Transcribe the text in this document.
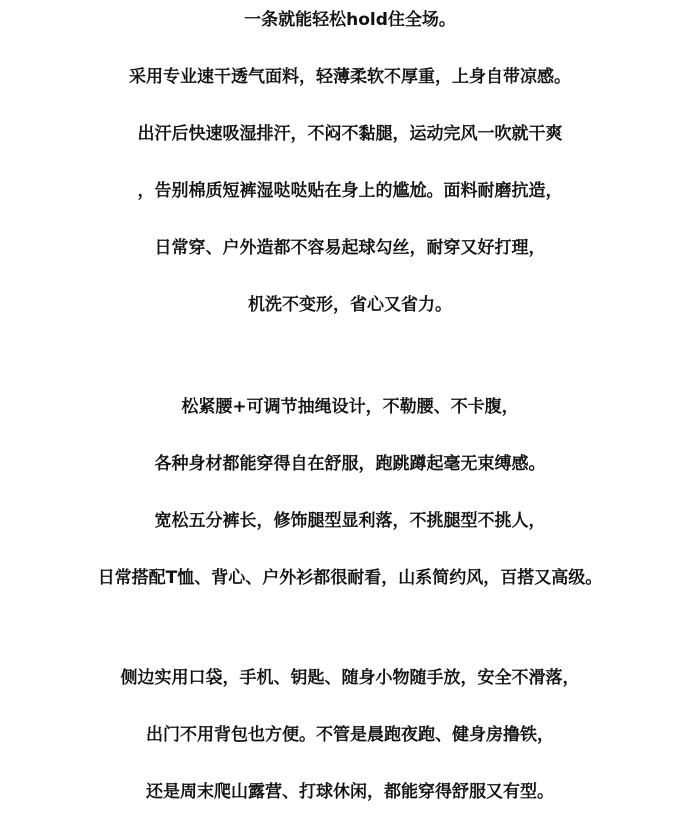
一条就能轻松hold住全场。
采用专业速干透气面料，轻薄柔软不厚重，上身自带凉感。
出汗后快速吸湿排汗，不闷不黏腿，运动完风一吹就干爽
，告别棉质短裤湿哒哒贴在身上的尴尬。面料耐磨抗造，
日常穿、户外造都不容易起球勾丝，耐穿又好打理，
机洗不变形，省心又省力。
松紧腰+可调节抽绳设计，不勒腰、不卡腹，
各种身材都能穿得自在舒服，跑跳蹲起毫无束缚感。
宽松五分裤长，修饰腿型显利落，不挑腿型不挑人，
日常搭配T恤、背心、户外衫都很耐看，山系简约风，百搭又高级。
侧边实用口袋，手机、钥匙、随身小物随手放，安全不滑落，
出门不用背包也方便。不管是晨跑夜跑、健身房撸铁，
还是周末爬山露营、打球休闲，都能穿得舒服又有型。
